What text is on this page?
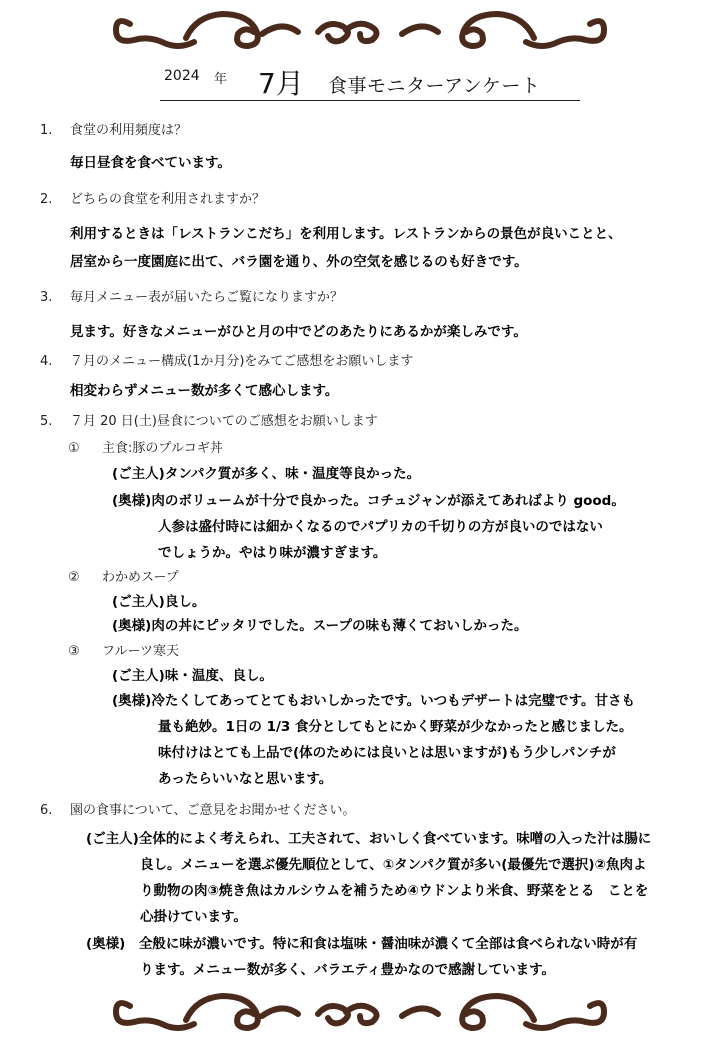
2024 年 7月 食事モニターアンケート
1. 食堂の利用頻度は？
毎日昼食を食べています。
2. どちらの食堂を利用されますか？
利用するときは「レストランこだち」を利用します。レストランからの景色が良いことと、
居室から一度園庭に出て、バラ園を通り、外の空気を感じるのも好きです。
3. 毎月メニュー表が届いたらご覧になりますか？
見ます。好きなメニューがひと月の中でどのあたりにあるかが楽しみです。
4. ７月のメニュー構成(1か月分)をみてご感想をお願いします
相変わらずメニュー数が多くて感心します。
5. ７月 20 日(土)昼食についてのご感想をお願いします
① 主食:豚のプルコギ丼
(ご主人)タンパク質が多く、味・温度等良かった。
(奥様)肉のボリュームが十分で良かった。コチュジャンが添えてあればより good。
人参は盛付時には細かくなるのでパプリカの千切りの方が良いのではない
でしょうか。やはり味が濃すぎます。
② わかめスープ
(ご主人)良し。
(奥様)肉の丼にピッタリでした。スープの味も薄くておいしかった。
③ フルーツ寒天
(ご主人)味・温度、良し。
(奥様)冷たくしてあってとてもおいしかったです。いつもデザートは完璧です。甘さも
量も絶妙。1日の 1/3 食分としてもとにかく野菜が少なかったと感じました。
味付けはとても上品で(体のためには良いとは思いますが)もう少しパンチが
あったらいいなと思います。
6. 園の食事について、ご意見をお聞かせください。
(ご主人)全体的によく考えられ、工夫されて、おいしく食べています。味噌の入った汁は腸に
良し。メニューを選ぶ優先順位として、①タンパク質が多い(最優先で選択)②魚肉よ
り動物の肉③焼き魚はカルシウムを補うため④ウドンより米食、野菜をとる　ことを
心掛けています。
(奥様)　全般に味が濃いです。特に和食は塩味・醤油味が濃くて全部は食べられない時が有
ります。メニュー数が多く、バラエティ豊かなので感謝しています。
